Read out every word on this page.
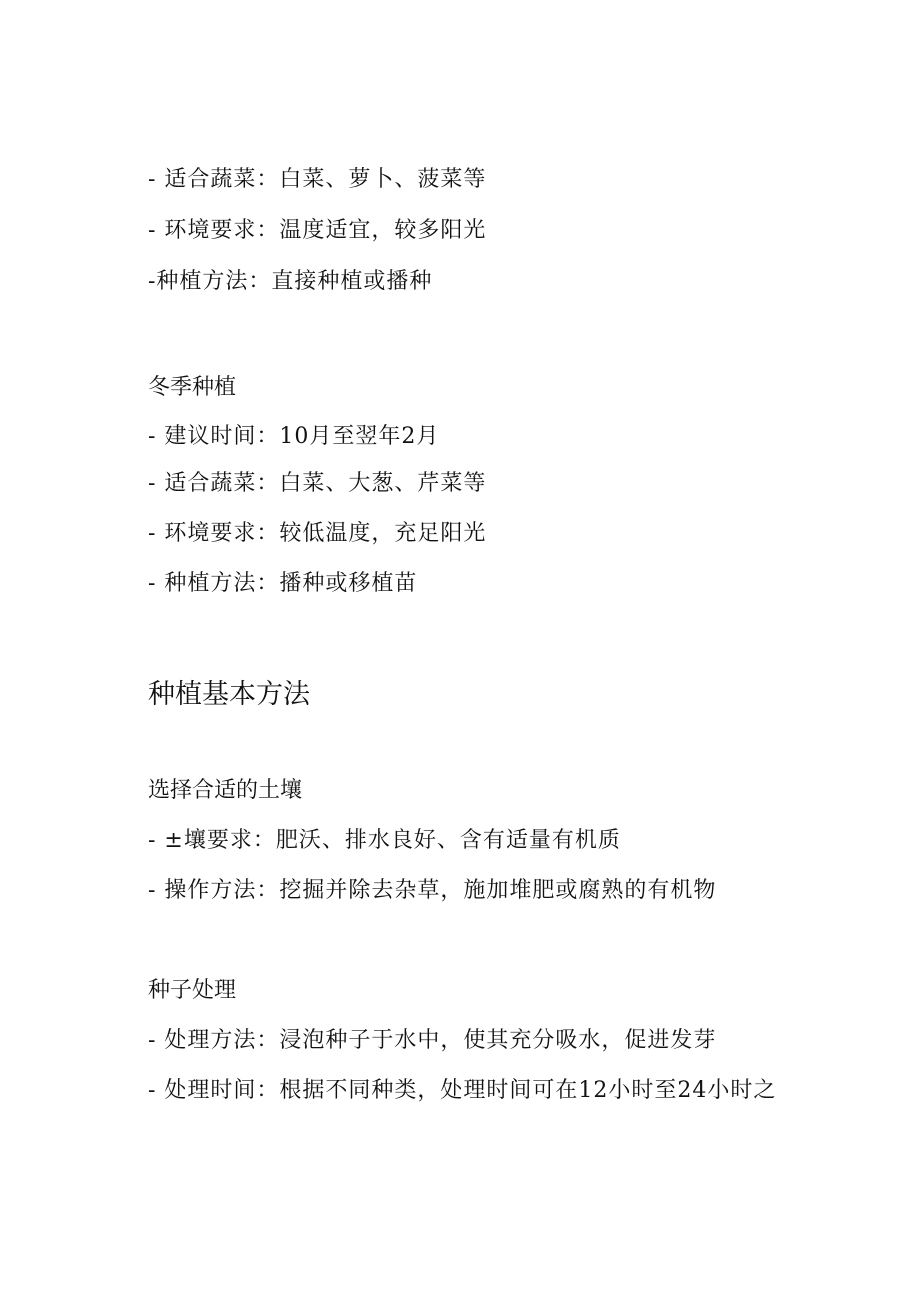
- 适合蔬菜：白菜、萝卜、菠菜等
- 环境要求：温度适宜，较多阳光
-种植方法：直接种植或播种
冬季种植
- 建议时间：10月至翌年2月
- 适合蔬菜：白菜、大葱、芹菜等
- 环境要求：较低温度，充足阳光
- 种植方法：播种或移植苗
种植基本方法
选择合适的土壤
- ±壤要求：肥沃、排水良好、含有适量有机质
- 操作方法：挖掘并除去杂草，施加堆肥或腐熟的有机物
种子处理
- 处理方法：浸泡种子于水中，使其充分吸水，促进发芽
- 处理时间：根据不同种类，处理时间可在12小时至24小时之
